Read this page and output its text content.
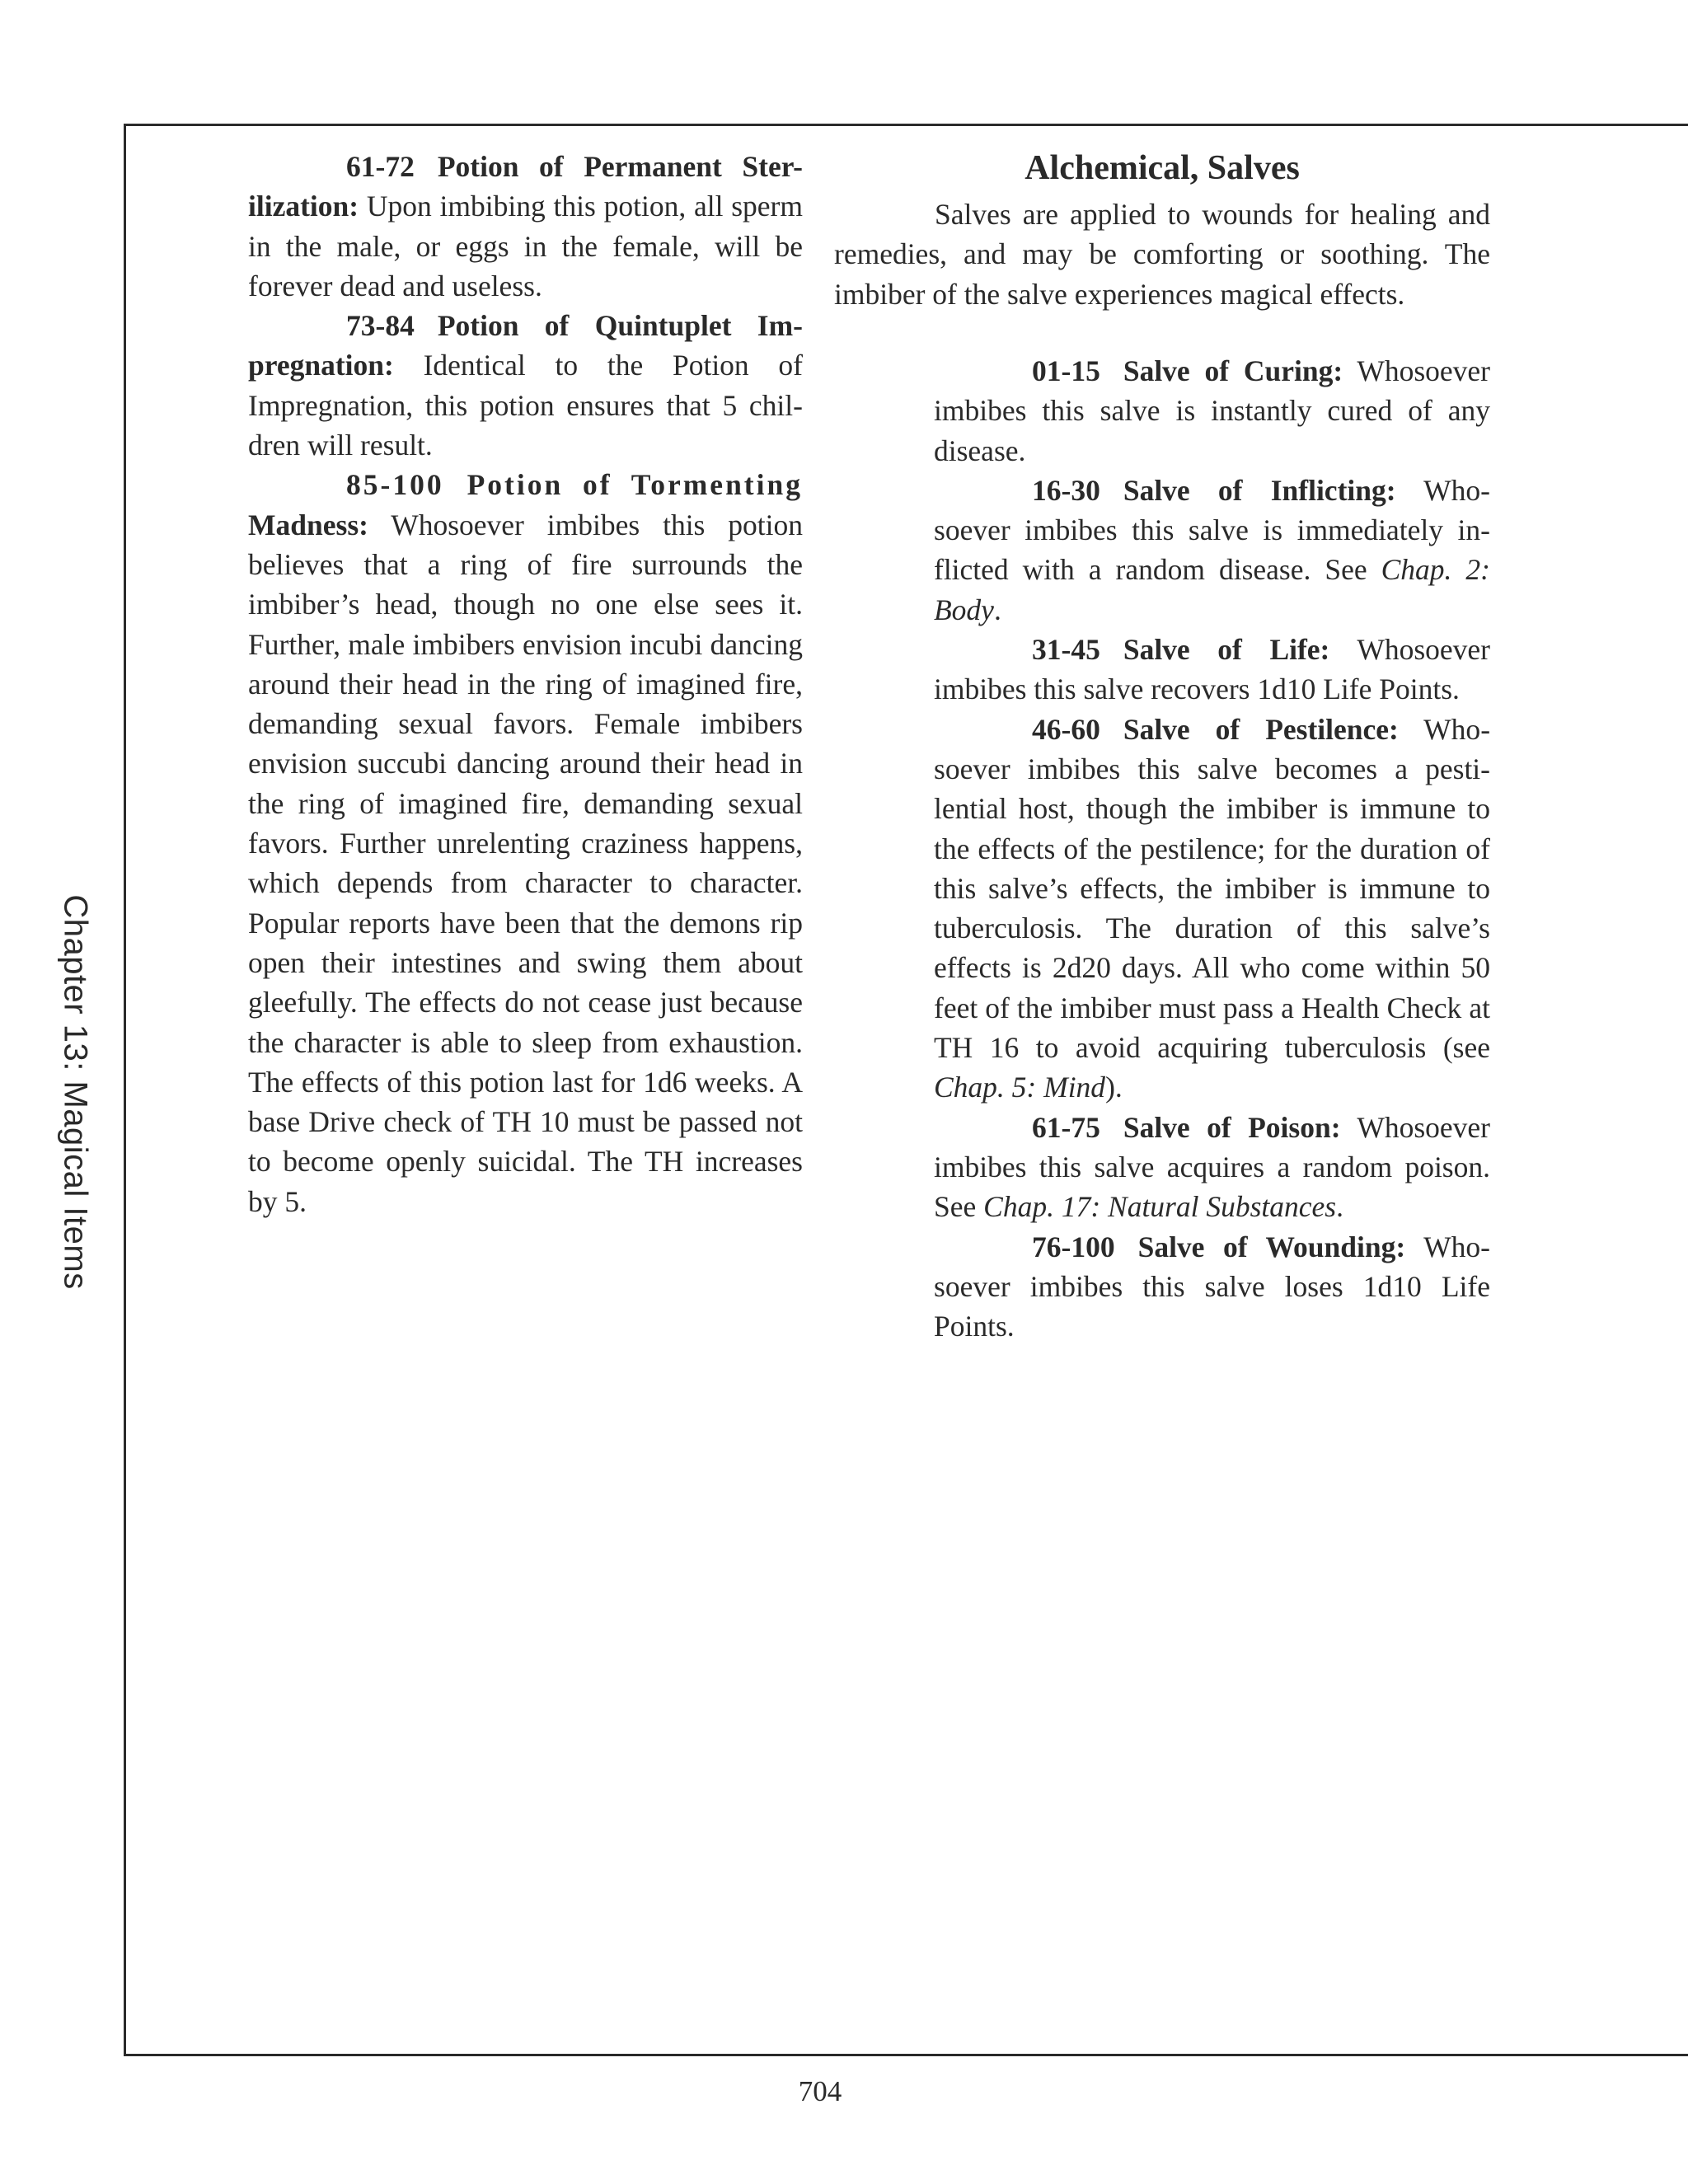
Chapter 13: Magical Items

61-72 Potion of Permanent Ster-ilization: Upon imbibing this potion, all sperm in the male, or eggs in the female, will be forever dead and useless.

73-84 Potion of Quintuplet Im-pregnation: Identical to the Potion of Impregnation, this potion ensures that 5 children will result.

85-100 Potion of Tormenting Madness: Whosoever imbibes this potion believes that a ring of fire surrounds the imbiber’s head, though no one else sees it. Further, male imbibers envision incubi dancing around their head in the ring of imagined fire, demanding sexual favors. Female imbibers envision succubi dancing around their head in the ring of imagined fire, demanding sexual favors. Further unrelenting craziness happens, which depends from character to character. Popular reports have been that the demons rip open their intestines and swing them about gleefully. The effects do not cease just because the character is able to sleep from exhaustion. The effects of this potion last for 1d6 weeks. A base Drive check of TH 10 must be passed not to become openly suicidal. The TH increases by 5.

Alchemical, Salves

Salves are applied to wounds for healing and remedies, and may be comforting or soothing. The imbiber of the salve experiences magical effects.

01-15 Salve of Curing: Whosoever imbibes this salve is instantly cured of any disease.

16-30 Salve of Inflicting: Whosoever imbibes this salve is immediately inflicted with a random disease. See Chap. 2: Body.

31-45 Salve of Life: Whosoever imbibes this salve recovers 1d10 Life Points.

46-60 Salve of Pestilence: Whosoever imbibes this salve becomes a pestilential host, though the imbiber is immune to the effects of the pestilence; for the duration of this salve’s effects, the imbiber is immune to tuberculosis. The duration of this salve’s effects is 2d20 days. All who come within 50 feet of the imbiber must pass a Health Check at TH 16 to avoid acquiring tuberculosis (see Chap. 5: Mind).

61-75 Salve of Poison: Whosoever imbibes this salve acquires a random poison. See Chap. 17: Natural Substances.

76-100 Salve of Wounding: Whosoever imbibes this salve loses 1d10 Life Points.

704
